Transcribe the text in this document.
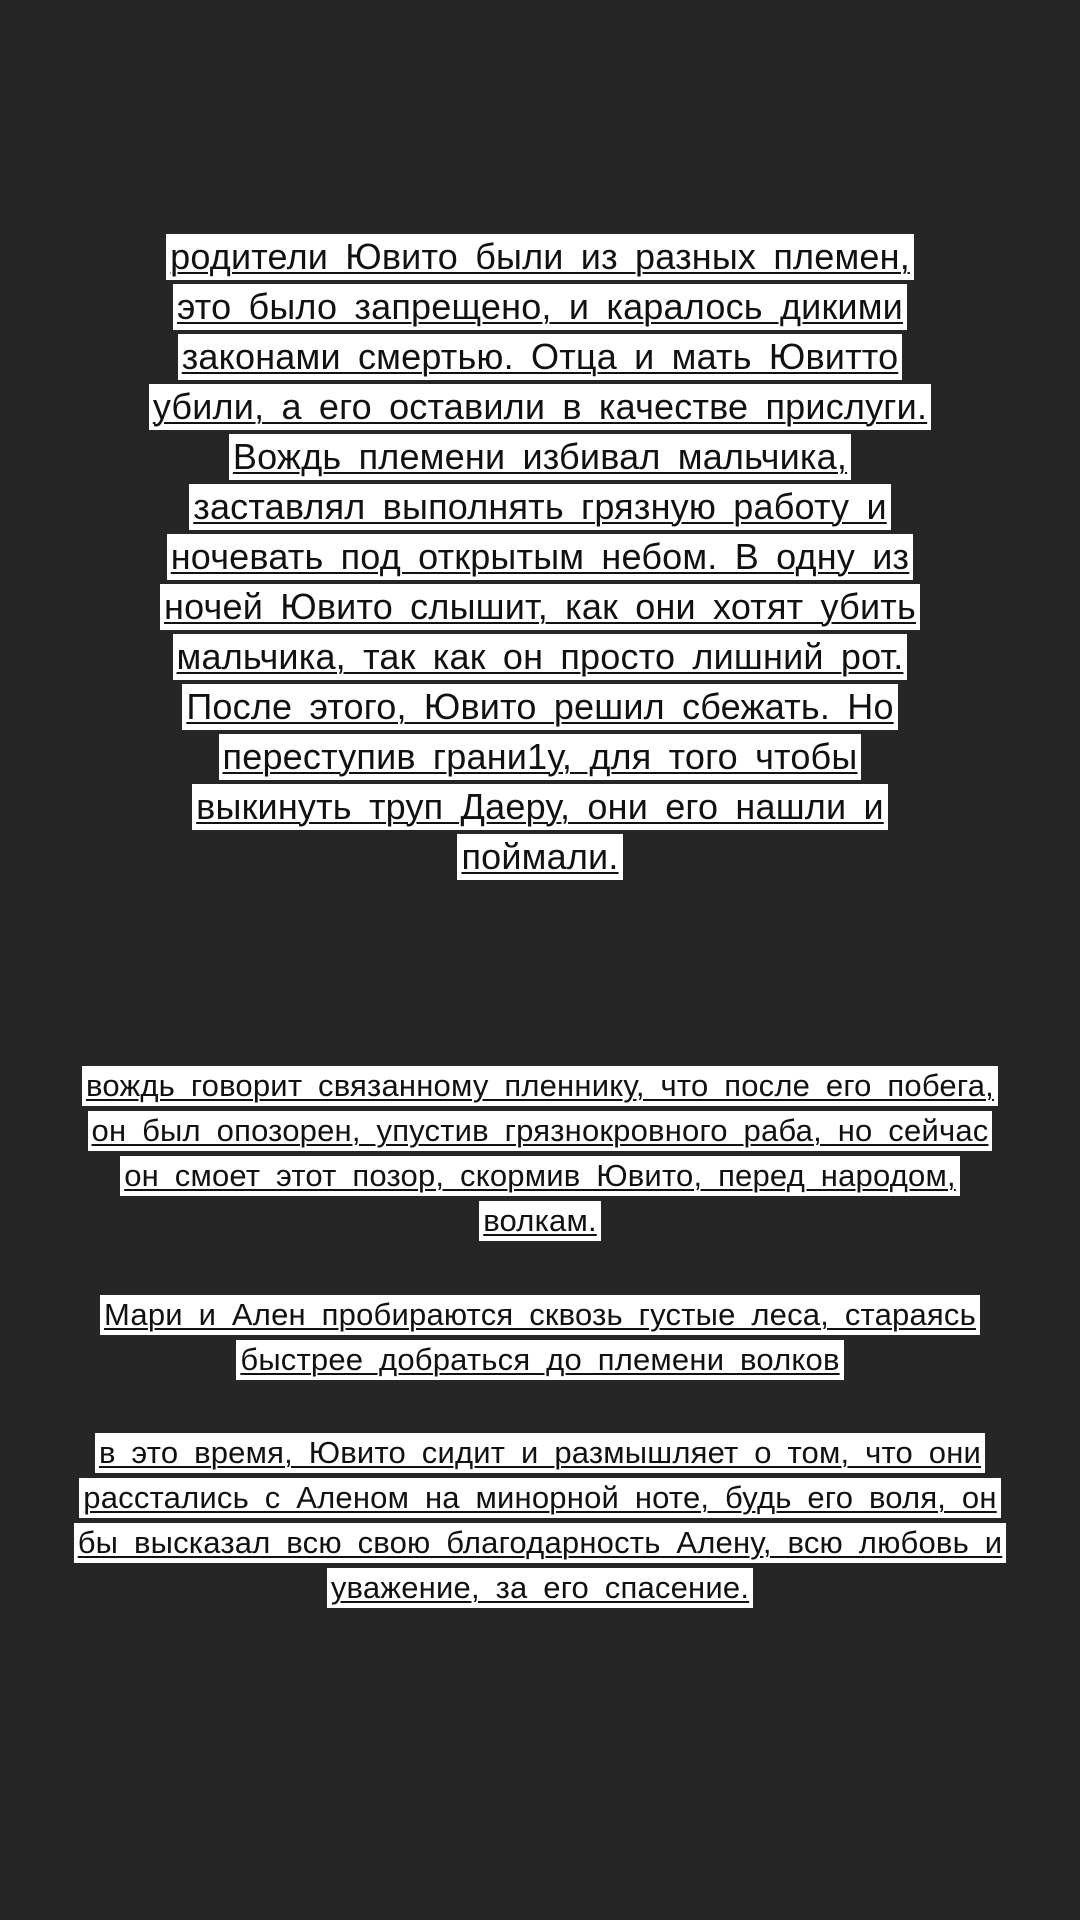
родители Ювито были из разных племен,
это было запрещено, и каралось дикими
законами смертью. Отца и мать Ювитто
убили, а его оставили в качестве прислуги.
Вождь племени избивал мальчика,
заставлял выполнять грязную работу и
ночевать под открытым небом. В одну из
ночей Ювито слышит, как они хотят убить
мальчика, так как он просто лишний рот.
После этого, Ювито решил сбежать. Но
переступив грани1у, для того чтобы
выкинуть труп Даеру, они его нашли и
поймали.
вождь говорит связанному пленнику, что после его побега,
он был опозорен, упустив грязнокровного раба, но сейчас
он смоет этот позор, скормив Ювито, перед народом,
волкам.
Мари и Ален пробираются сквозь густые леса, стараясь
быстрее добраться до племени волков
в это время, Ювито сидит и размышляет о том, что они
расстались с Аленом на минорной ноте, будь его воля, он
бы высказал всю свою благодарность Алену, всю любовь и
уважение, за его спасение.
